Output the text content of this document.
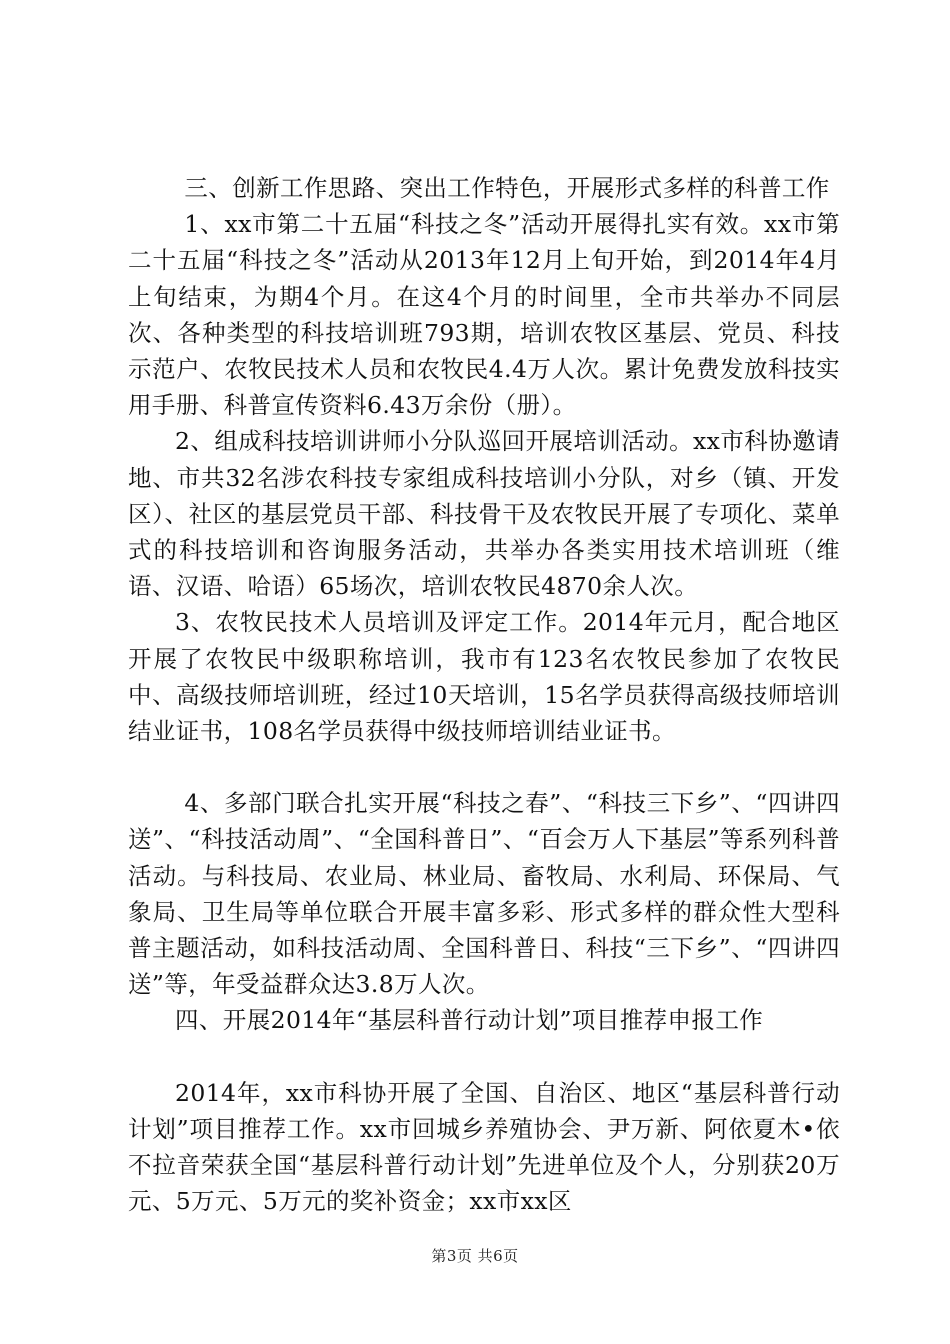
三、创新工作思路、突出工作特色，开展形式多样的科普工作

1、xx市第二十五届“科技之冬”活动开展得扎实有效。xx市第二十五届“科技之冬”活动从2013年12月上旬开始，到2014年4月上旬结束，为期4个月。在这4个月的时间里，全市共举办不同层次、各种类型的科技培训班793期，培训农牧区基层、党员、科技示范户、农牧民技术人员和农牧民4.4万人次。累计免费发放科技实用手册、科普宣传资料6.43万余份（册）。

2、组成科技培训讲师小分队巡回开展培训活动。xx市科协邀请地、市共32名涉农科技专家组成科技培训小分队，对乡（镇、开发区）、社区的基层党员干部、科技骨干及农牧民开展了专项化、菜单式的科技培训和咨询服务活动，共举办各类实用技术培训班（维语、汉语、哈语）65场次，培训农牧民4870余人次。

3、农牧民技术人员培训及评定工作。2014年元月，配合地区开展了农牧民中级职称培训，我市有123名农牧民参加了农牧民中、高级技师培训班，经过10天培训，15名学员获得高级技师培训结业证书，108名学员获得中级技师培训结业证书。

4、多部门联合扎实开展“科技之春”、“科技三下乡”、“四讲四送”、“科技活动周”、“全国科普日”、“百会万人下基层”等系列科普活动。与科技局、农业局、林业局、畜牧局、水利局、环保局、气象局、卫生局等单位联合开展丰富多彩、形式多样的群众性大型科普主题活动，如科技活动周、全国科普日、科技“三下乡”、“四讲四送”等，年受益群众达3.8万人次。

四、开展2014年“基层科普行动计划”项目推荐申报工作

2014年，xx市科协开展了全国、自治区、地区“基层科普行动计划”项目推荐工作。xx市回城乡养殖协会、尹万新、阿依夏木•依不拉音荣获全国“基层科普行动计划”先进单位及个人，分别获20万元、5万元、5万元的奖补资金；xx市xx区

第3页 共6页
